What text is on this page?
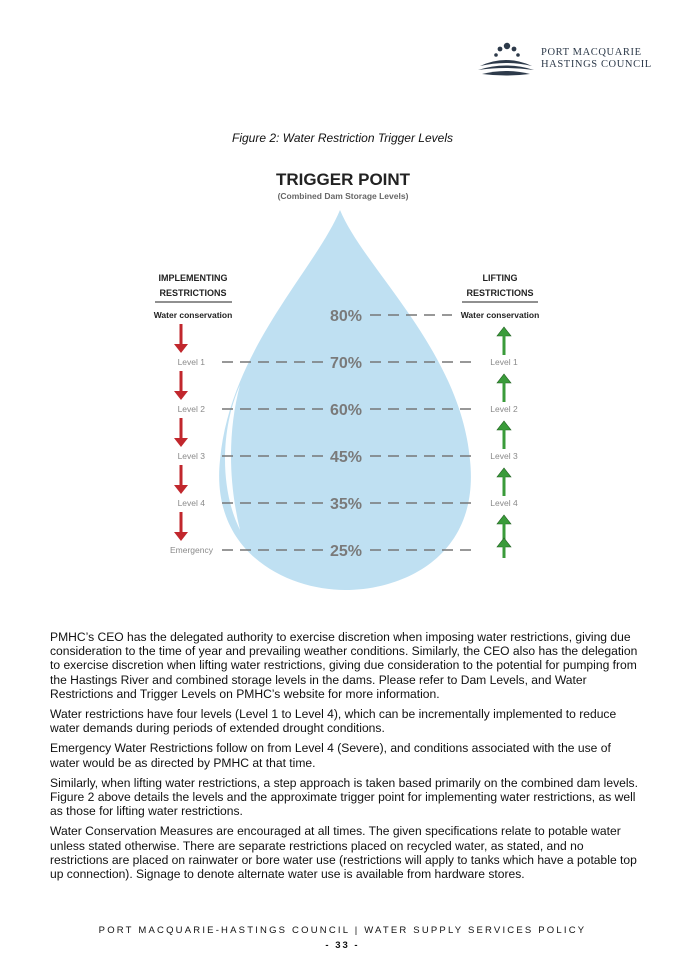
PORT MACQUARIE
HASTINGS COUNCIL
Figure 2: Water Restriction Trigger Levels
TRIGGER POINT
(Combined Dam Storage Levels)
IMPLEMENTING
RESTRICTIONS
LIFTING
RESTRICTIONS
Water conservation	80%	Water conservation
Level 1	70%	Level 1
Level 2	60%	Level 2
Level 3	45%	Level 3
Level 4	35%	Level 4
Emergency	25%

PMHC’s CEO has the delegated authority to exercise discretion when imposing water restrictions, giving due consideration to the time of year and prevailing weather conditions. Similarly, the CEO also has the delegation to exercise discretion when lifting water restrictions, giving due consideration to the potential for pumping from the Hastings River and combined storage levels in the dams. Please refer to Dam Levels, and Water Restrictions and Trigger Levels on PMHC’s website for more information.

Water restrictions have four levels (Level 1 to Level 4), which can be incrementally implemented to reduce water demands during periods of extended drought conditions.

Emergency Water Restrictions follow on from Level 4 (Severe), and conditions associated with the use of water would be as directed by PMHC at that time.

Similarly, when lifting water restrictions, a step approach is taken based primarily on the combined dam levels. Figure 2 above details the levels and the approximate trigger point for implementing water restrictions, as well as those for lifting water restrictions.

Water Conservation Measures are encouraged at all times. The given specifications relate to potable water unless stated otherwise. There are separate restrictions placed on recycled water, as stated, and no restrictions are placed on rainwater or bore water use (restrictions will apply to tanks which have a potable top up connection). Signage to denote alternate water use is available from hardware stores.

PORT MACQUARIE-HASTINGS COUNCIL | WATER SUPPLY SERVICES POLICY
- 33 -
